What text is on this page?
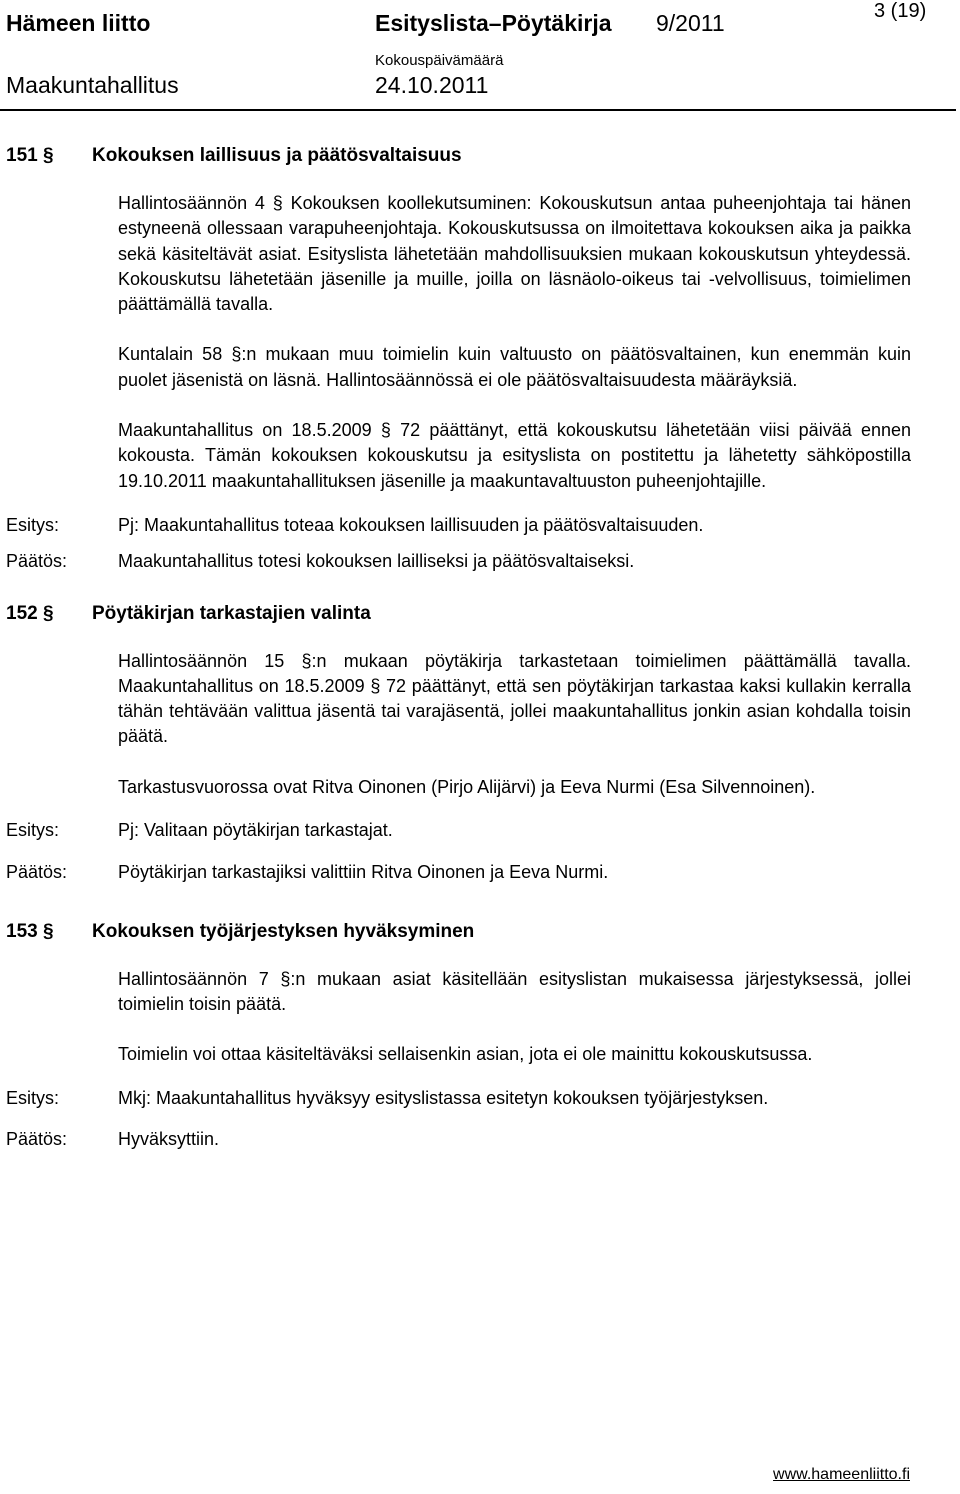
Hämeen liitto	Esityslista–Pöytäkirja 9/2011	3 (19)
Kokouspäivämäärä
Maakuntahallitus	24.10.2011
151 §	Kokouksen laillisuus ja päätösvaltaisuus
Hallintosäännön 4 § Kokouksen koollekutsuminen: Kokouskutsun antaa puheenjohtaja tai hänen estyneenä ollessaan varapuheenjohtaja. Kokouskutsussa on ilmoitettava kokouksen aika ja paikka sekä käsiteltävät asiat. Esityslista lähetetään mahdollisuuksien mukaan kokouskutsun yhteydessä. Kokouskutsu lähetetään jäsenille ja muille, joilla on läsnäolo-oikeus tai -velvollisuus, toimielimen päättämällä tavalla.
Kuntalain 58 §:n mukaan muu toimielin kuin valtuusto on päätösvaltainen, kun enemmän kuin puolet jäsenistä on läsnä. Hallintosäännössä ei ole päätösvaltaisuudesta määräyksiä.
Maakuntahallitus on 18.5.2009 § 72 päättänyt, että kokouskutsu lähetetään viisi päivää ennen kokousta. Tämän kokouksen kokouskutsu ja esityslista on postitettu ja lähetetty sähköpostilla 19.10.2011 maakuntahallituksen jäsenille ja maakuntavaltuuston puheenjohtajille.
Esitys:	Pj: Maakuntahallitus toteaa kokouksen laillisuuden ja päätösvaltaisuuden.
Päätös:	Maakuntahallitus totesi kokouksen lailliseksi ja päätösvaltaiseksi.
152 §	Pöytäkirjan tarkastajien valinta
Hallintosäännön 15 §:n mukaan pöytäkirja tarkastetaan toimielimen päättämällä tavalla. Maakuntahallitus on 18.5.2009 § 72 päättänyt, että sen pöytäkirjan tarkastaa kaksi kullakin kerralla tähän tehtävään valittua jäsentä tai varajäsentä, jollei maakuntahallitus jonkin asian kohdalla toisin päätä.
Tarkastusvuorossa ovat Ritva Oinonen (Pirjo Alijärvi) ja Eeva Nurmi (Esa Silvennoinen).
Esitys:	Pj: Valitaan pöytäkirjan tarkastajat.
Päätös:	Pöytäkirjan tarkastajiksi valittiin Ritva Oinonen ja Eeva Nurmi.
153 §	Kokouksen työjärjestyksen hyväksyminen
Hallintosäännön 7 §:n mukaan asiat käsitellään esityslistan mukaisessa järjestyksessä, jollei toimielin toisin päätä.
Toimielin voi ottaa käsiteltäväksi sellaisenkin asian, jota ei ole mainittu kokouskutsussa.
Esitys:	Mkj: Maakuntahallitus hyväksyy esityslistassa esitetyn kokouksen työjärjestyksen.
Päätös:	Hyväksyttiin.
www.hameenliitto.fi
